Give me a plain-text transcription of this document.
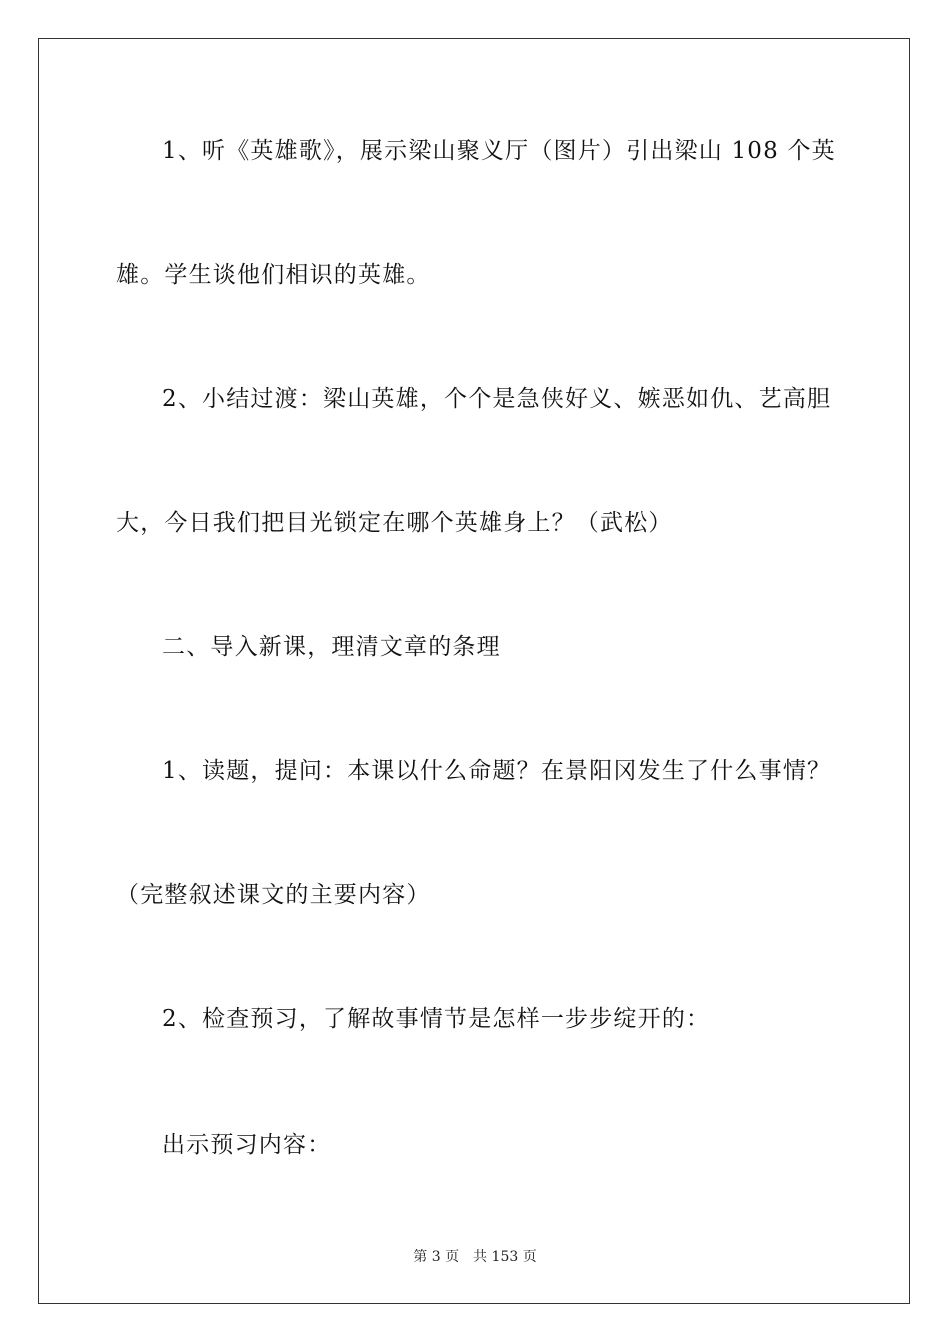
1、听《英雄歌》，展示梁山聚义厅（图片）引出梁山 108 个英
雄。学生谈他们相识的英雄。
2、小结过渡：梁山英雄，个个是急侠好义、嫉恶如仇、艺高胆
大，今日我们把目光锁定在哪个英雄身上？（武松）
二、导入新课，理清文章的条理
1、读题，提问：本课以什么命题？在景阳冈发生了什么事情？
（完整叙述课文的主要内容）
2、检查预习，了解故事情节是怎样一步步绽开的：
出示预习内容：
第 3 页 共 153 页
